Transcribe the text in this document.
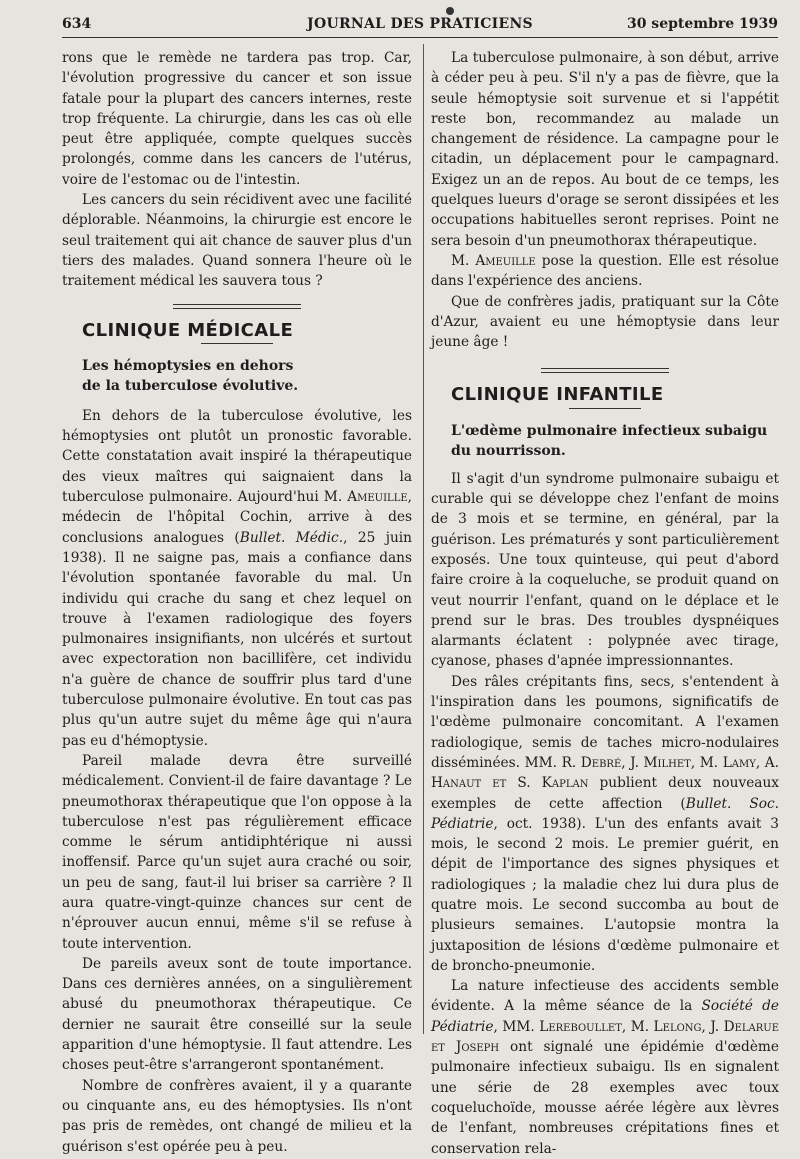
634	JOURNAL DES PRATICIENS	30 septembre 1939

rons que le remède ne tardera pas trop. Car, l'évolution progressive du cancer et son issue fatale pour la plupart des cancers internes, reste trop fréquente. La chirurgie, dans les cas où elle peut être appliquée, compte quelques succès prolongés, comme dans les cancers de l'utérus, voire de l'estomac ou de l'intestin.

Les cancers du sein récidivent avec une facilité déplorable. Néanmoins, la chirurgie est encore le seul traitement qui ait chance de sauver plus d'un tiers des malades. Quand sonnera l'heure où le traitement médical les sauvera tous ?

CLINIQUE MÉDICALE

Les hémoptysies en dehors

de la tuberculose évolutive.

En dehors de la tuberculose évolutive, les hémoptysies ont plutôt un pronostic favorable. Cette constatation avait inspiré la thérapeutique des vieux maîtres qui saignaient dans la tuberculose pulmonaire. Aujourd'hui M. Ameuille, médecin de l'hôpital Cochin, arrive à des conclusions analogues (Bullet. Médic., 25 juin 1938). Il ne saigne pas, mais a confiance dans l'évolution spontanée favorable du mal. Un individu qui crache du sang et chez lequel on trouve à l'examen radiologique des foyers pulmonaires insignifiants, non ulcérés et surtout avec expectoration non bacillifère, cet individu n'a guère de chance de souffrir plus tard d'une tuberculose pulmonaire évolutive. En tout cas pas plus qu'un autre sujet du même âge qui n'aura pas eu d'hémoptysie.

Pareil malade devra être surveillé médicalement. Convient-il de faire davantage ? Le pneumothorax thérapeutique que l'on oppose à la tuberculose n'est pas régulièrement efficace comme le sérum antidiphtérique ni aussi inoffensif. Parce qu'un sujet aura craché ou soir, un peu de sang, faut-il lui briser sa carrière ? Il aura quatre-vingt-quinze chances sur cent de n'éprouver aucun ennui, même s'il se refuse à toute intervention.

De pareils aveux sont de toute importance. Dans ces dernières années, on a singulièrement abusé du pneumothorax thérapeutique. Ce dernier ne saurait être conseillé sur la seule apparition d'une hémoptysie. Il faut attendre. Les choses peut-être s'arrangeront spontanément.

Nombre de confrères avaient, il y a quarante ou cinquante ans, eu des hémoptysies. Ils n'ont pas pris de remèdes, ont changé de milieu et la guérison s'est opérée peu à peu.

La tuberculose pulmonaire, à son début, arrive à céder peu à peu. S'il n'y a pas de fièvre, que la seule hémoptysie soit survenue et si l'appétit reste bon, recommandez au malade un changement de résidence. La campagne pour le citadin, un déplacement pour le campagnard. Exigez un an de repos. Au bout de ce temps, les quelques lueurs d'orage se seront dissipées et les occupations habituelles seront reprises. Point ne sera besoin d'un pneumothorax thérapeutique.

M. Ameuille pose la question. Elle est résolue dans l'expérience des anciens.

Que de confrères jadis, pratiquant sur la Côte d'Azur, avaient eu une hémoptysie dans leur jeune âge !

CLINIQUE INFANTILE

L'œdème pulmonaire infectieux subaigu

du nourrisson.

Il s'agit d'un syndrome pulmonaire subaigu et curable qui se développe chez l'enfant de moins de 3 mois et se termine, en général, par la guérison. Les prématurés y sont particulièrement exposés. Une toux quinteuse, qui peut d'abord faire croire à la coqueluche, se produit quand on veut nourrir l'enfant, quand on le déplace et le prend sur le bras. Des troubles dyspnéiques alarmants éclatent : polypnée avec tirage, cyanose, phases d'apnée impressionnantes.

Des râles crépitants fins, secs, s'entendent à l'inspiration dans les poumons, significatifs de l'œdème pulmonaire concomitant. A l'examen radiologique, semis de taches micro-nodulaires disséminées. MM. R. Debré, J. Milhet, M. Lamy, A. Hanaut et S. Kaplan publient deux nouveaux exemples de cette affection (Bullet. Soc. Pédiatrie, oct. 1938). L'un des enfants avait 3 mois, le second 2 mois. Le premier guérit, en dépit de l'importance des signes physiques et radiologiques ; la maladie chez lui dura plus de quatre mois. Le second succomba au bout de plusieurs semaines. L'autopsie montra la juxtaposition de lésions d'œdème pulmonaire et de broncho-pneumonie.

La nature infectieuse des accidents semble évidente. A la même séance de la Société de Pédiatrie, MM. Lereboullet, M. Lelong, J. Delarue et Joseph ont signalé une épidémie d'œdème pulmonaire infectieux subaigu. Ils en signalent une série de 28 exemples avec toux coqueluchoïde, mousse aérée légère aux lèvres de l'enfant, nombreuses crépitations fines et conservation rela-
